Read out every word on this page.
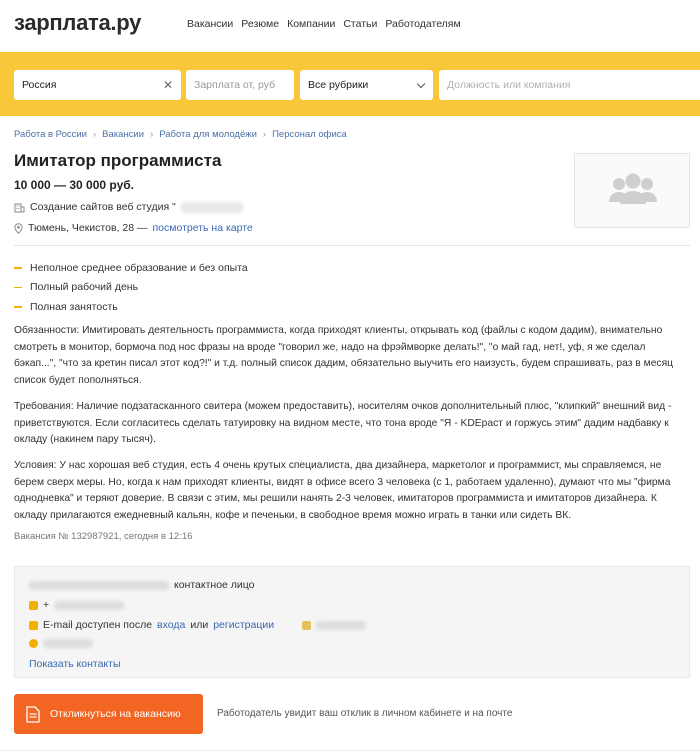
зарплата.ру	Вакансии Резюме Компании Статьи Работодателям
Россия	✕	Зарплата от, руб	Все рубрики	Должность или компания
Работа в России › Вакансии › Работа для молодёжи › Персонал офиса
Имитатор программиста
10 000 — 30 000 руб.
Создание сайтов веб студия "
Тюмень, Чекистов, 28 — посмотреть на карте
Неполное среднее образование и без опыта
Полный рабочий день
Полная занятость
Обязанности: Имитировать деятельность программиста, когда приходят клиенты, открывать код (файлы с кодом дадим), внимательно смотреть в монитор, бормоча под нос фразы на вроде "говорил же, надо на фрэймворке делать!", "о май гад, нет!, уф, я же сделал бэкап...", "что за кретин писал этот код?!" и т.д. полный список дадим, обязательно выучить его наизусть, будем спрашивать, раз в месяц список будет пополняться.
Требования: Наличие подзатасканного свитера (можем предоставить), носителям очков дополнительный плюс, "клипкий" внешний вид - приветствуются. Если согласитесь сделать татуировку на видном месте, что тона вроде "Я - KDEраст и горжусь этим" дадим надбавку к окладу (накинем пару тысяч).
Условия: У нас хорошая веб студия, есть 4 очень крутых специалиста, два дизайнера, маркетолог и программист, мы справляемся, не берем сверх меры. Но, когда к нам приходят клиенты, видят в офисе всего 3 человека (с 1, работаем удаленно), думают что мы "фирма однодневка" и теряют доверие. В связи с этим, мы решили нанять 2-3 человек, имитаторов программиста и имитаторов дизайнера. К окладу прилагаются ежедневный кальян, кофе и печеньки, в свободное время можно играть в танки или сидеть ВК.
Вакансия № 132987921, сегодня в 12:16
контактное лицо
+
E-mail доступен после входа или регистрации
Показать контакты
Откликнуться на вакансию	Работодатель увидит ваш отклик в личном кабинете и на почте
